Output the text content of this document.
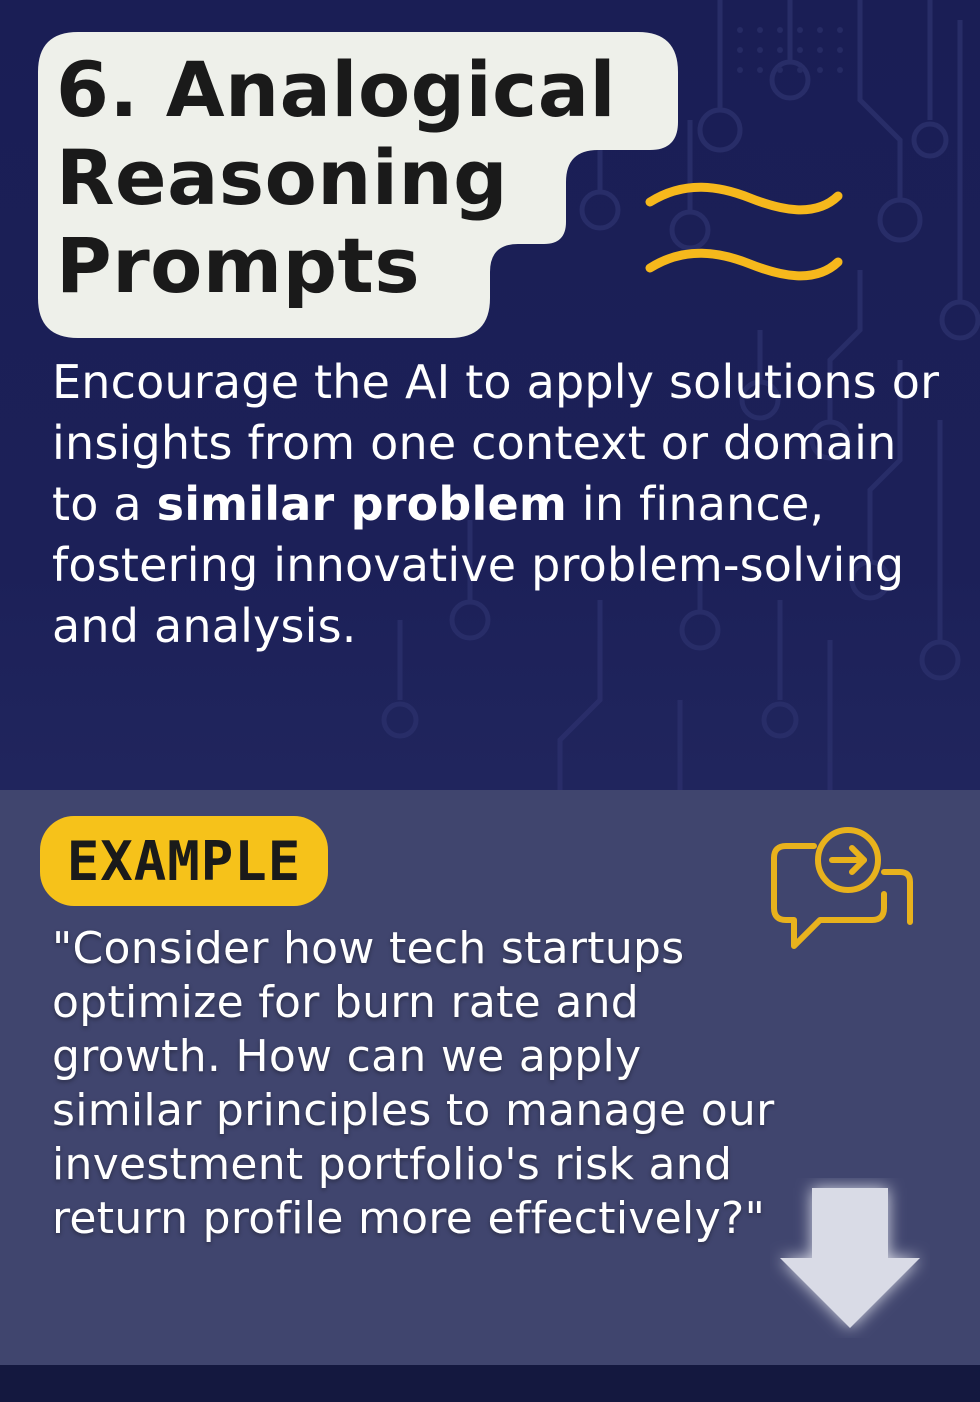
6. Analogical
Reasoning
Prompts

Encourage the AI to apply solutions or insights from one context or domain to a similar problem in finance, fostering innovative problem-solving and analysis.

EXAMPLE

"Consider how tech startups optimize for burn rate and growth. How can we apply similar principles to manage our investment portfolio's risk and return profile more effectively?"
